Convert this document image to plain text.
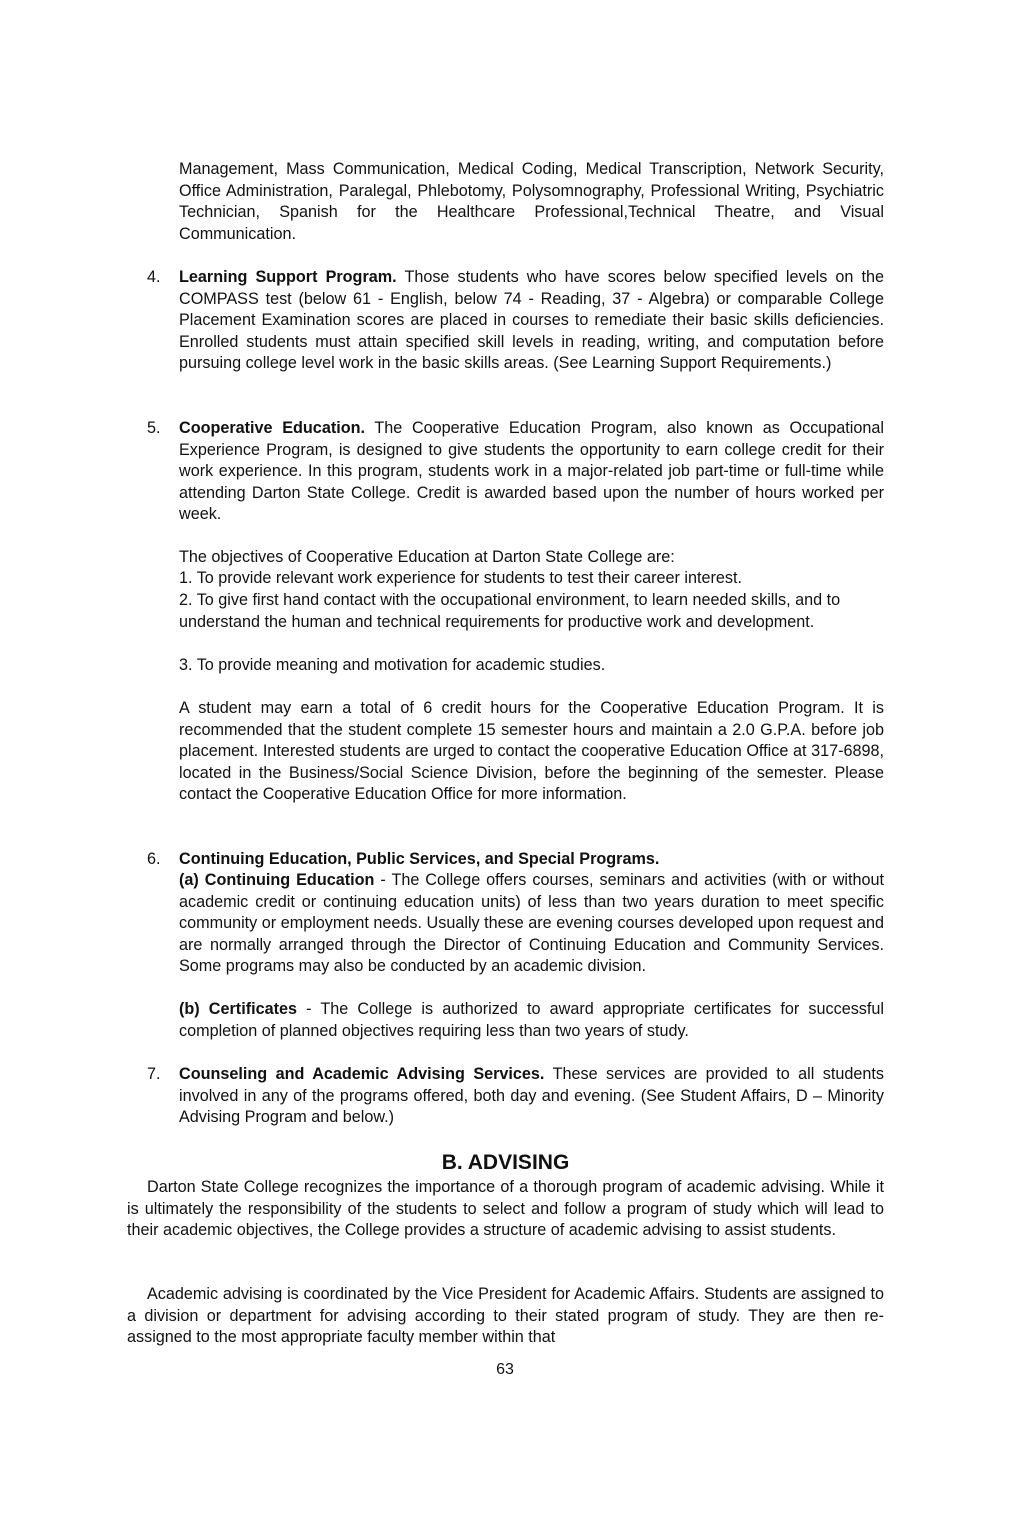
Management, Mass Communication, Medical Coding, Medical Transcription, Network Security, Office Administration, Paralegal, Phlebotomy, Polysomnography, Professional Writing, Psychiatric Technician, Spanish for the Healthcare Professional,Technical Theatre, and Visual Communication.

4. Learning Support Program. Those students who have scores below specified levels on the COMPASS test (below 61 - English, below 74 - Reading, 37 - Algebra) or comparable College Placement Examination scores are placed in courses to remediate their basic skills deficiencies. Enrolled students must attain specified skill levels in reading, writing, and computation before pursuing college level work in the basic skills areas. (See Learning Support Requirements.)

5. Cooperative Education. The Cooperative Education Program, also known as Occupational Experience Program, is designed to give students the opportunity to earn college credit for their work experience. In this program, students work in a major-related job part-time or full-time while attending Darton State College. Credit is awarded based upon the number of hours worked per week.

The objectives of Cooperative Education at Darton State College are:

1. To provide relevant work experience for students to test their career interest.

2. To give first hand contact with the occupational environment, to learn needed skills, and to understand the human and technical requirements for productive work and development.

3. To provide meaning and motivation for academic studies.

A student may earn a total of 6 credit hours for the Cooperative Education Program. It is recommended that the student complete 15 semester hours and maintain a 2.0 G.P.A. before job placement. Interested students are urged to contact the cooperative Education Office at 317-6898, located in the Business/Social Science Division, before the beginning of the semester. Please contact the Cooperative Education Office for more information.

6. Continuing Education, Public Services, and Special Programs.

(a) Continuing Education - The College offers courses, seminars and activities (with or without academic credit or continuing education units) of less than two years duration to meet specific community or employment needs. Usually these are evening courses developed upon request and are normally arranged through the Director of Continuing Education and Community Services. Some programs may also be conducted by an academic division.

(b) Certificates - The College is authorized to award appropriate certificates for successful completion of planned objectives requiring less than two years of study.

7. Counseling and Academic Advising Services. These services are provided to all students involved in any of the programs offered, both day and evening. (See Student Affairs, D – Minority Advising Program and below.)

B. ADVISING

Darton State College recognizes the importance of a thorough program of academic advising. While it is ultimately the responsibility of the students to select and follow a program of study which will lead to their academic objectives, the College provides a structure of academic advising to assist students.

Academic advising is coordinated by the Vice President for Academic Affairs. Students are assigned to a division or department for advising according to their stated program of study. They are then re-assigned to the most appropriate faculty member within that

63
